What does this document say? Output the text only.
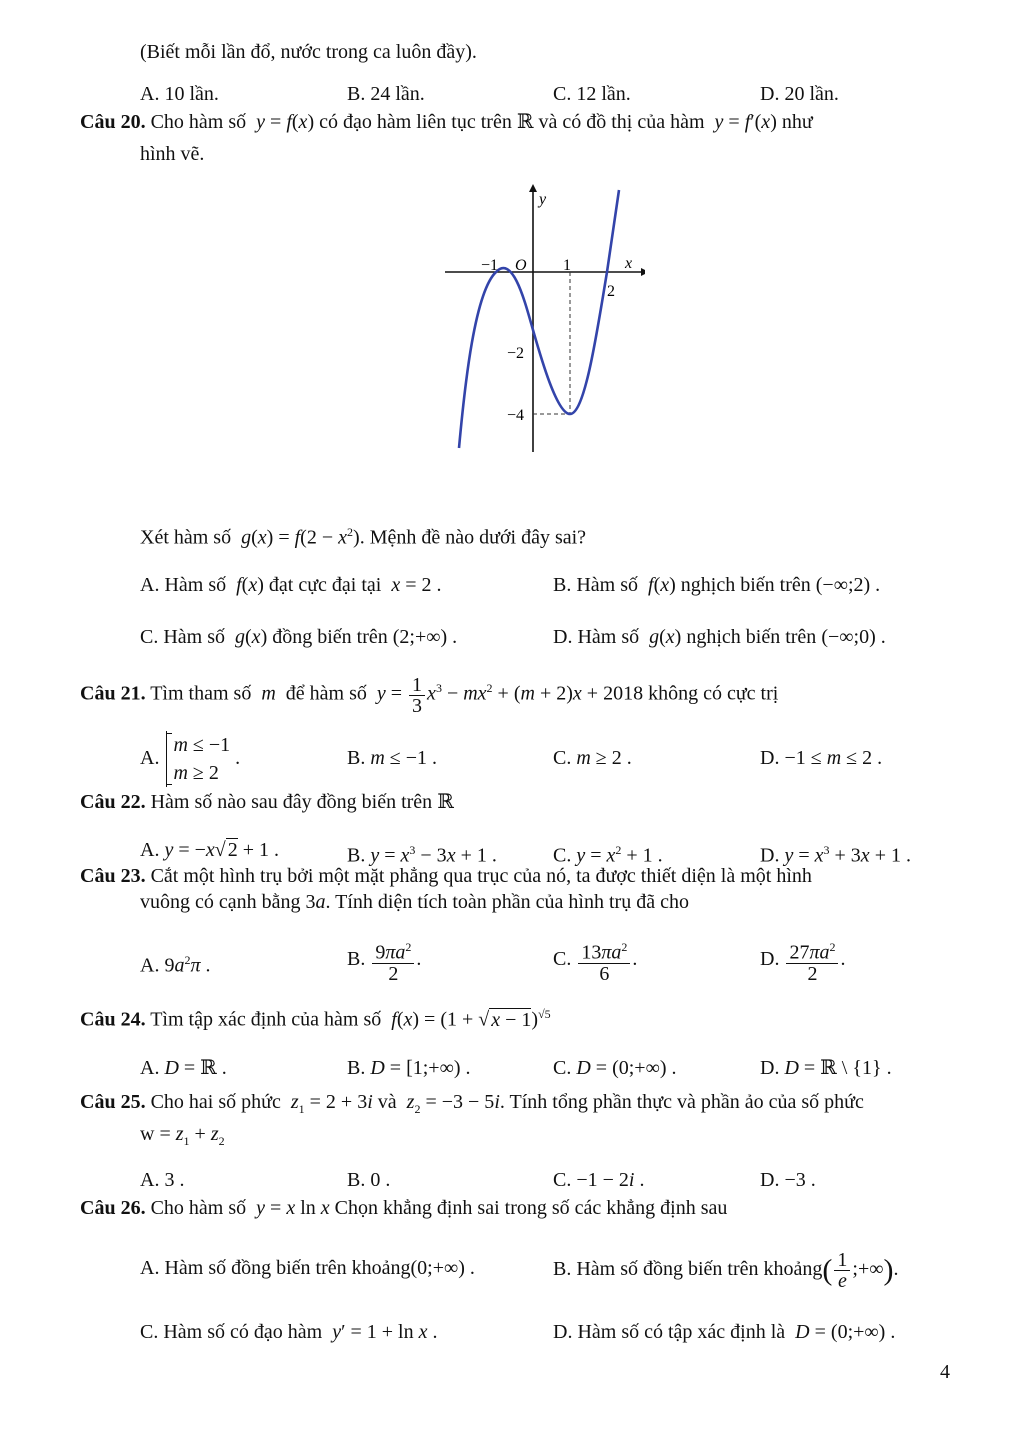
(Biết mỗi lần đổ, nước trong ca luôn đầy).
A. 10 lần.	B. 24 lần.	C. 12 lần.	D. 20 lần.
Câu 20. Cho hàm số  y = f(x) có đạo hàm liên tục trên ℝ và có đồ thị của hàm  y = f′(x) như
hình vẽ.
y
x
O
−1	1
2
−2
−4
Xét hàm số  $g(x) = f(2 - x^2)$. Mệnh đề nào dưới đây sai?
A. Hàm số  f(x) đạt cực đại tại  x = 2 .	B. Hàm số  f(x) nghịch biến trên (−∞;2) .
C. Hàm số  g(x) đồng biến trên (2;+∞) .	D. Hàm số  g(x) nghịch biến trên (−∞;0) .
Câu 21. Tìm tham số  m  để hàm số  $y = \frac{1}{3} x^3 - mx^2 + (m + 2)x + 2018$ không có cực trị
A. m ≤ −1
m ≥ 2 .	B. m ≤ −1 .	C. m ≥ 2 .	D. −1 ≤ m ≤ 2 .
Câu 22. Hàm số nào sau đây đồng biến trên ℝ
A. y = −x√ 2 + 1 .	B. $y = x^3 - 3x + 1$ .	C. $y = x^2 + 1$ .	D. $y = x^3 + 3x + 1$ .
Câu 23. Cắt một hình trụ bởi một mặt phẳng qua trục của nó, ta được thiết diện là một hình
vuông có cạnh bằng 3a. Tính diện tích toàn phần của hình trụ đã cho
A. $9a^2\pi$ .	B. $\frac{9\pi a^2}{2}$ .	C. $\frac{13\pi a^2}{6}$ .	D. $\frac{27\pi a^2}{2}$ .
Câu 24. Tìm tập xác định của hàm số  f(x) = (1 + √ x − 1)$^{√5}$
A. D = ℝ .	B. D = [1;+∞) .	C. D = (0;+∞) .	D. D = ℝ \ {1} .
Câu 25. Cho hai số phức  $z_1 = 2 + 3i$ và  $z_2 = -3 - 5i$. Tính tổng phần thực và phần ảo của số phức
$w = z_1 + z_2$
A. 3 .	B. 0 .	C. −1 − 2i .	D. −3 .
Câu 26. Cho hàm số  y = x ln x Chọn khẳng định sai trong số các khẳng định sau
A. Hàm số đồng biến trên khoảng(0;+∞) .	B. Hàm số đồng biến trên khoảng( $\frac{1}{e}$ ;+∞).
C. Hàm số có đạo hàm  y′ = 1 + ln x .	D. Hàm số có tập xác định là  D = (0;+∞) .
4
